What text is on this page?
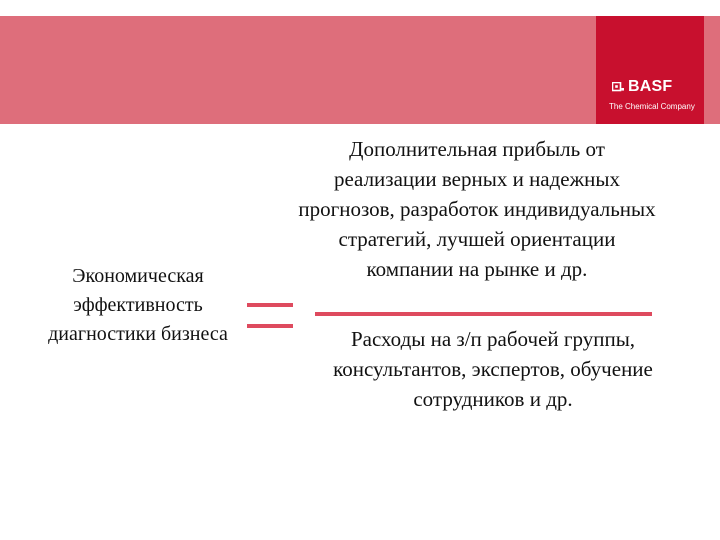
BASF
The Chemical Company
Экономическая эффективность диагностики бизнеса
Дополнительная прибыль от реализации верных и надежных прогнозов, разработок индивидуальных стратегий, лучшей ориентации компании на рынке и др.
Расходы на з/п рабочей группы, консультантов, экспертов, обучение сотрудников и др.
